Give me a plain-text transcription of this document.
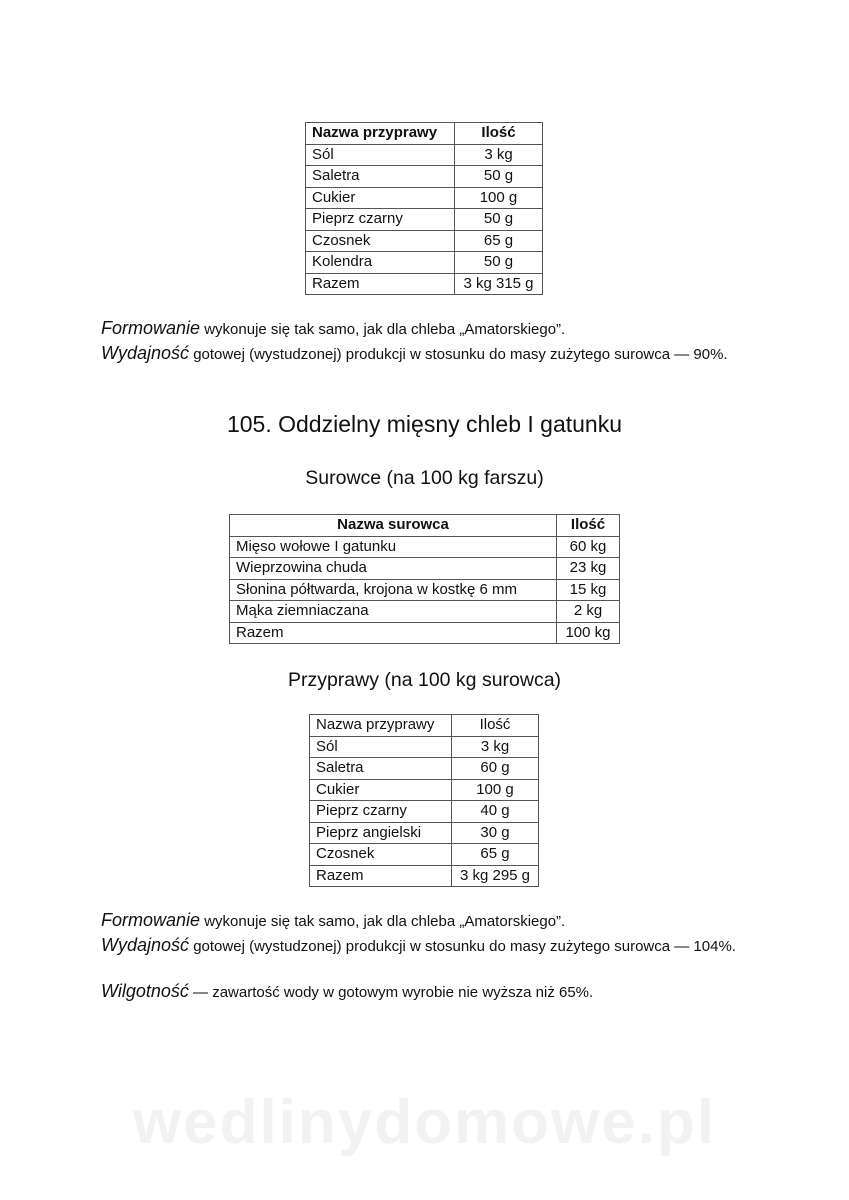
Nazwa przyprawy	Ilość
Sól	3 kg
Saletra	50 g
Cukier	100 g
Pieprz czarny	50 g
Czosnek	65 g
Kolendra	50 g
Razem	3 kg 315 g
Formowanie wykonuje się tak samo, jak dla chleba „Amatorskiego”.
Wydajność gotowej (wystudzonej) produkcji w stosunku do masy zużytego surowca — 90%.
105. Oddzielny mięsny chleb I gatunku
Surowce (na 100 kg farszu)
Nazwa surowca	Ilość
Mięso wołowe I gatunku	60 kg
Wieprzowina chuda	23 kg
Słonina półtwarda, krojona w kostkę 6 mm	15 kg
Mąka ziemniaczana	2 kg
Razem	100 kg
Przyprawy (na 100 kg surowca)
Nazwa przyprawy	Ilość
Sól	3 kg
Saletra	60 g
Cukier	100 g
Pieprz czarny	40 g
Pieprz angielski	30 g
Czosnek	65 g
Razem	3 kg 295 g
Formowanie wykonuje się tak samo, jak dla chleba „Amatorskiego”.
Wydajność gotowej (wystudzonej) produkcji w stosunku do masy zużytego surowca — 104%.
Wilgotność — zawartość wody w gotowym wyrobie nie wyższa niż 65%.
wedlinydomowe.pl
